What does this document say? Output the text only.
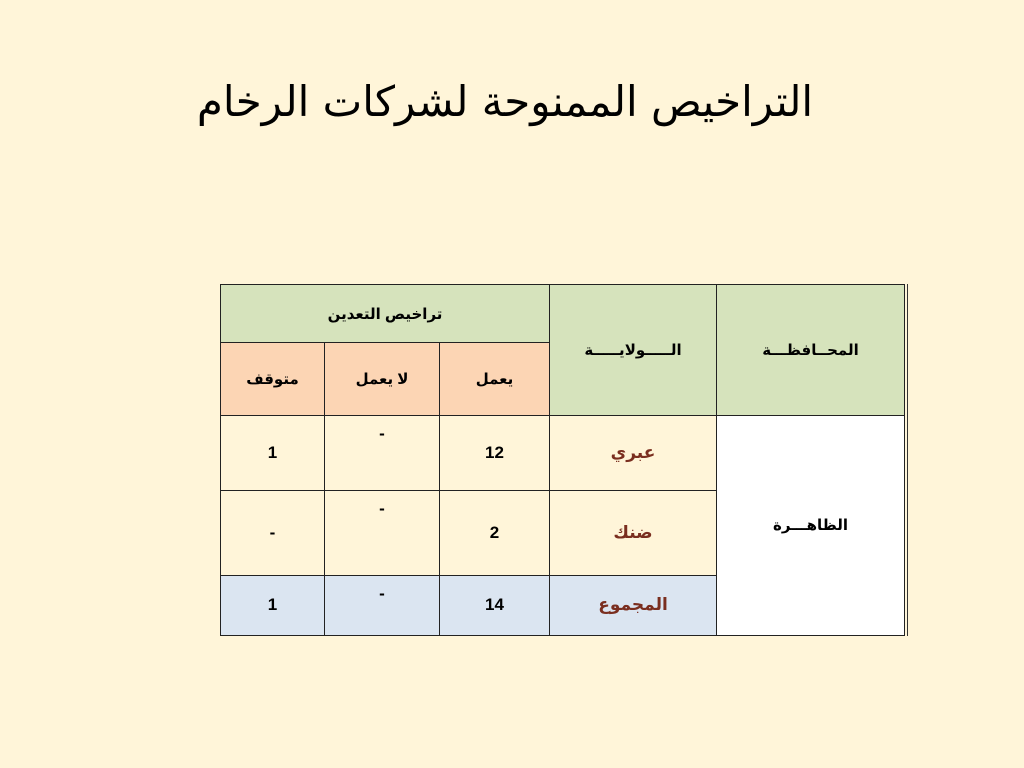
التراخيص الممنوحة لشركات الرخام
المحــافظـــة	الـــــولايـــــة	تراخيص التعدين		
		يعمل	لا يعمل	متوقف
الظاهـــرة	عبري	12	-	1
	ضنك	2	-	-
	المجموع	14	-	1
